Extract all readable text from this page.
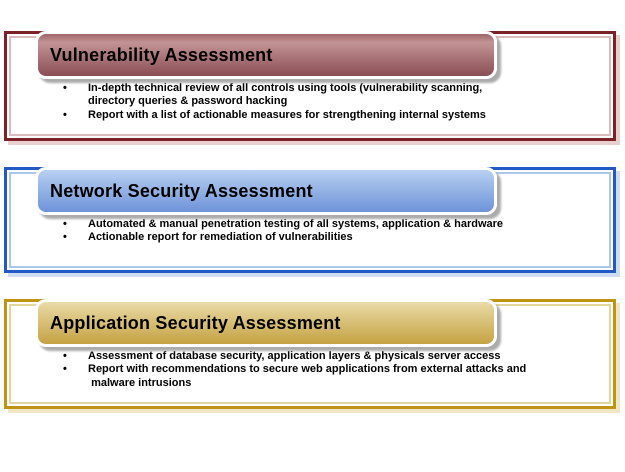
Vulnerability Assessment
•
• In-depth technical review of all controls using tools (vulnerability scanning,
directory queries & password hacking
• Report with a list of actionable measures for strengthening internal systems
Network Security Assessment
•
• Automated & manual penetration testing of all systems, application & hardware
• Actionable report for remediation of vulnerabilities
Application Security Assessment
•
• Assessment of database security, application layers & physicals server access
• Report with recommendations to secure web applications from external attacks and
malware intrusions
